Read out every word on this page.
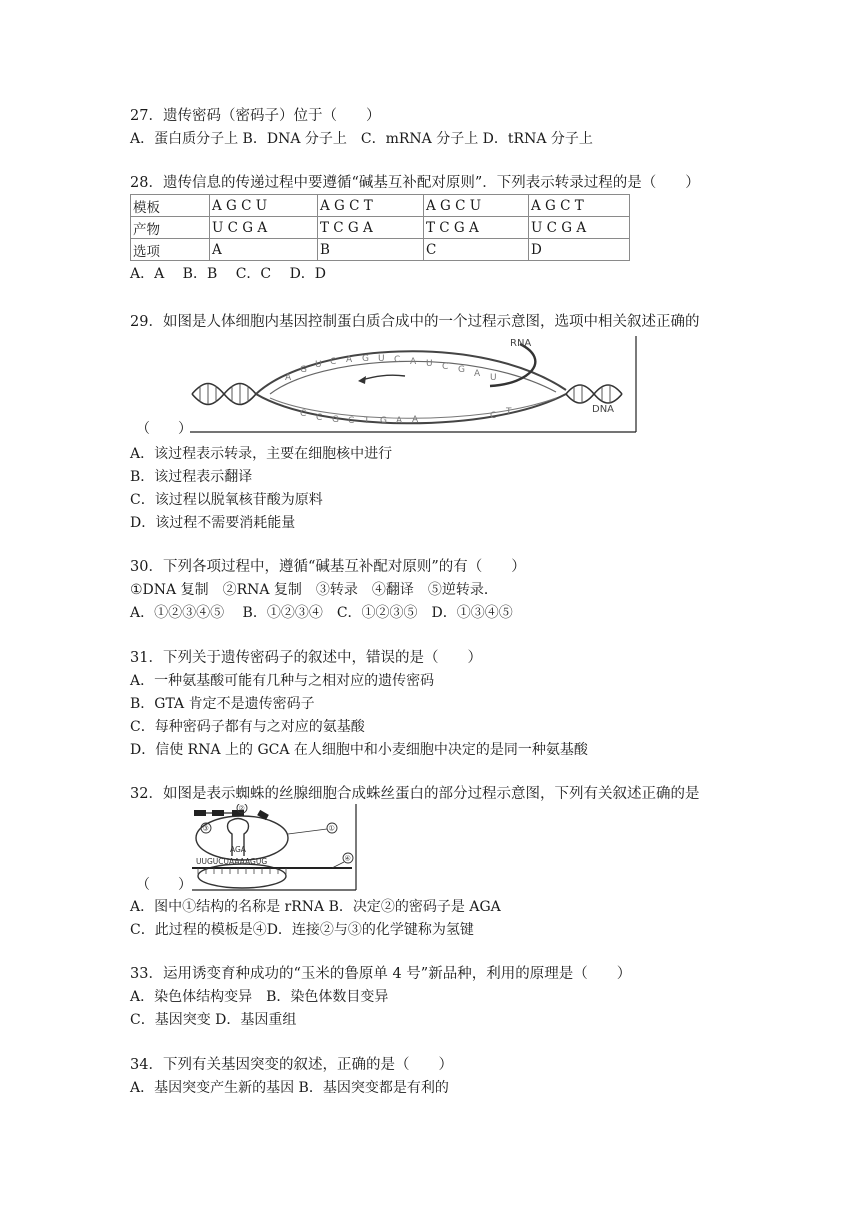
27．遗传密码（密码子）位于（　　）
A．蛋白质分子上 B．DNA 分子上　C．mRNA 分子上 D．tRNA 分子上
28．遗传信息的传递过程中要遵循“碱基互补配对原则”．下列表示转录过程的是（　　）
模板	A G C U	A G C T	A G C U	A G C T
产物	U C G A	T C G A	T C G A	U C G A
选项	A	B	C	D
A．A　 B．B　 C．C　 D．D
29．如图是人体细胞内基因控制蛋白质合成中的一个过程示意图，选项中相关叙述正确的
A
G U C A G U C A U C G A U
C C G C T G A A	C T
RNA
DNA
（　　）
A．该过程表示转录，主要在细胞核中进行
B．该过程表示翻译
C．该过程以脱氧核苷酸为原料
D．该过程不需要消耗能量
30．下列各项过程中，遵循“碱基互补配对原则”的有（　　）
①DNA 复制　②RNA 复制　③转录　④翻译　⑤逆转录．
A．①②③④⑤　 B．①②③④　C．①②③⑤　D．①③④⑤
31．下列关于遗传密码子的叙述中，错误的是（　　）
A．一种氨基酸可能有几种与之相对应的遗传密码
B．GTA 肯定不是遗传密码子
C．每种密码子都有与之对应的氨基酸
D．信使 RNA 上的 GCA 在人细胞中和小麦细胞中决定的是同一种氨基酸
32．如图是表示蜘蛛的丝腺细胞合成蛛丝蛋白的部分过程示意图，下列有关叙述正确的是
UUGUCUAAAAGUG
AGA
②
③	①
④
（　　）
A．图中①结构的名称是 rRNA B．决定②的密码子是 AGA
C．此过程的模板是④D．连接②与③的化学键称为氢键
33．运用诱变育种成功的“玉米的鲁原单 4 号”新品种，利用的原理是（　　）
A．染色体结构变异　B．染色体数目变异
C．基因突变 D．基因重组
34．下列有关基因突变的叙述，正确的是（　　）
A．基因突变产生新的基因 B．基因突变都是有利的
